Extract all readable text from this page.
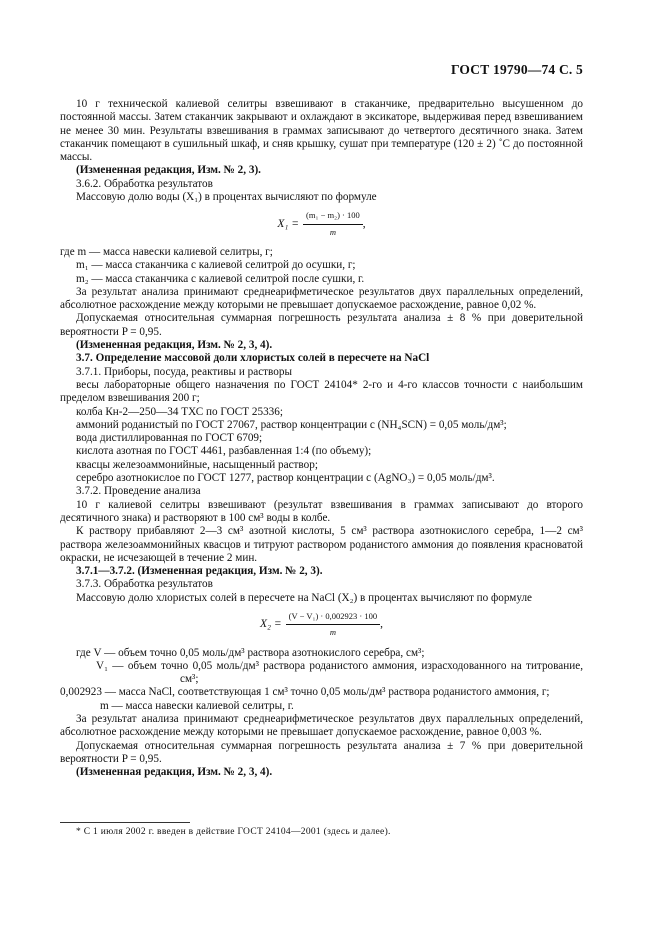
ГОСТ 19790—74 С. 5

10 г технической калиевой селитры взвешивают в стаканчике, предварительно высушенном до постоянной массы. Затем стаканчик закрывают и охлаждают в эксикаторе, выдерживая перед взвешиванием не менее 30 мин. Результаты взвешивания в граммах записывают до четвертого десятичного знака. Затем стаканчик помещают в сушильный шкаф, и сняв крышку, сушат при температуре (120 ± 2) ˚С до постоянной массы.

(Измененная редакция, Изм. № 2, 3).

3.6.2. Обработка результатов

Массовую долю воды (X₁) в процентах вычисляют по формуле

$X_1 = \frac{\text{(m₁ − m₂) · 100}}{m}$ ,

где m — масса навески калиевой селитры, г;

m₁ — масса стаканчика с калиевой селитрой до осушки, г;

m₂ — масса стаканчика с калиевой селитрой после сушки, г.

За результат анализа принимают среднеарифметическое результатов двух параллельных определений, абсолютное расхождение между которыми не превышает допускаемое расхождение, равное 0,02 %.

Допускаемая относительная суммарная погрешность результата анализа ± 8 % при доверительной вероятности P = 0,95.

(Измененная редакция, Изм. № 2, 3, 4).

3.7. Определение массовой доли хлористых солей в пересчете на NaCl

3.7.1. Приборы, посуда, реактивы и растворы

весы лабораторные общего назначения по ГОСТ 24104* 2-го и 4-го классов точности с наибольшим пределом взвешивания 200 г;

колба Кн-2—250—34 ТХС по ГОСТ 25336;

аммоний роданистый по ГОСТ 27067, раствор концентрации c (NH₄SCN) = 0,05 моль/дм³;

вода дистиллированная по ГОСТ 6709;

кислота азотная по ГОСТ 4461, разбавленная 1:4 (по объему);

квасцы железоаммонийные, насыщенный раствор;

серебро азотнокислое по ГОСТ 1277, раствор концентрации c (AgNO₃) = 0,05 моль/дм³.

3.7.2. Проведение анализа

10 г калиевой селитры взвешивают (результат взвешивания в граммах записывают до второго десятичного знака) и растворяют в 100 см³ воды в колбе.

К раствору прибавляют 2—3 см³ азотной кислоты, 5 см³ раствора азотнокислого серебра, 1—2 см³ раствора железоаммонийных квасцов и титруют раствором роданистого аммония до появления красноватой окраски, не исчезающей в течение 2 мин.

3.7.1—3.7.2. (Измененная редакция, Изм. № 2, 3).

3.7.3. Обработка результатов

Массовую долю хлористых солей в пересчете на NaCl (X₂) в процентах вычисляют по формуле

$X_2 = \frac{\text{(V − V₁) · 0,002923 · 100}}{m}$ ,

где V — объем точно 0,05 моль/дм³ раствора азотнокислого серебра, см³;

V₁ — объем точно 0,05 моль/дм³ раствора роданистого аммония, израсходованного на титрование, см³;

0,002923 — масса NaCl, соответствующая 1 см³ точно 0,05 моль/дм³ раствора роданистого аммония, г;

m — масса навески калиевой селитры, г.

За результат анализа принимают среднеарифметическое результатов двух параллельных определений, абсолютное расхождение между которыми не превышает допускаемое расхождение, равное 0,003 %.

Допускаемая относительная суммарная погрешность результата анализа ± 7 % при доверительной вероятности P = 0,95.

(Измененная редакция, Изм. № 2, 3, 4).

* С 1 июля 2002 г. введен в действие ГОСТ 24104—2001 (здесь и далее).
